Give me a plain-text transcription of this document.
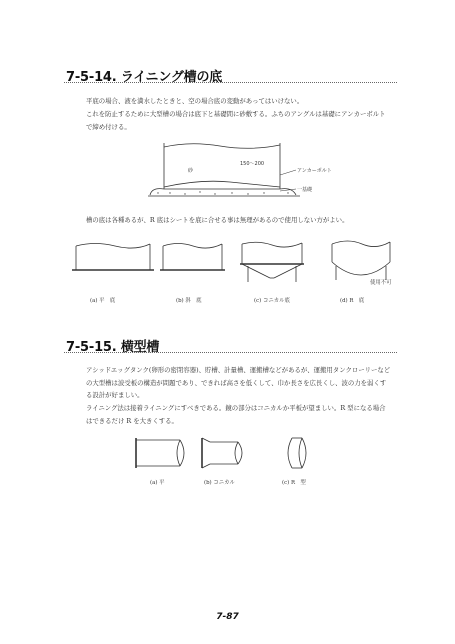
7-5-14. ライニング槽の底
平底の場合、液を満水したときと、空の場合底の変動があってはいけない。
これを防止するために大型槽の場合は底下と基礎間に砂敷する。ふちのアングルは基礎にアンカーボルトで締め付ける。
砂
150～200
アンカーボルト
一基礎
槽の底は各種あるが、R 底はシートを底に合せる事は無理があるので使用しない方がよい。
使用不可
(a) 平　底	(b) 斜　底	(c) コニカル底	(d) R　底
7-5-15. 横型槽
アシッドエッグタンク(卵形の密閉容器)、貯槽、計量槽、運搬槽などがあるが、運搬用タンクローリーなどの大型槽は波受板の構造が問題であり、できれば高さを低くして、巾か長さを広長くし、波の力を弱くする設計が好ましい。
ライニング法は接着ライニングにすべきである。鏡の部分はコニカルか平板が望ましい。R 型になる場合はできるだけ R を大きくする。
(a) 平	(b) コニカル	(c) R　型
7-87
